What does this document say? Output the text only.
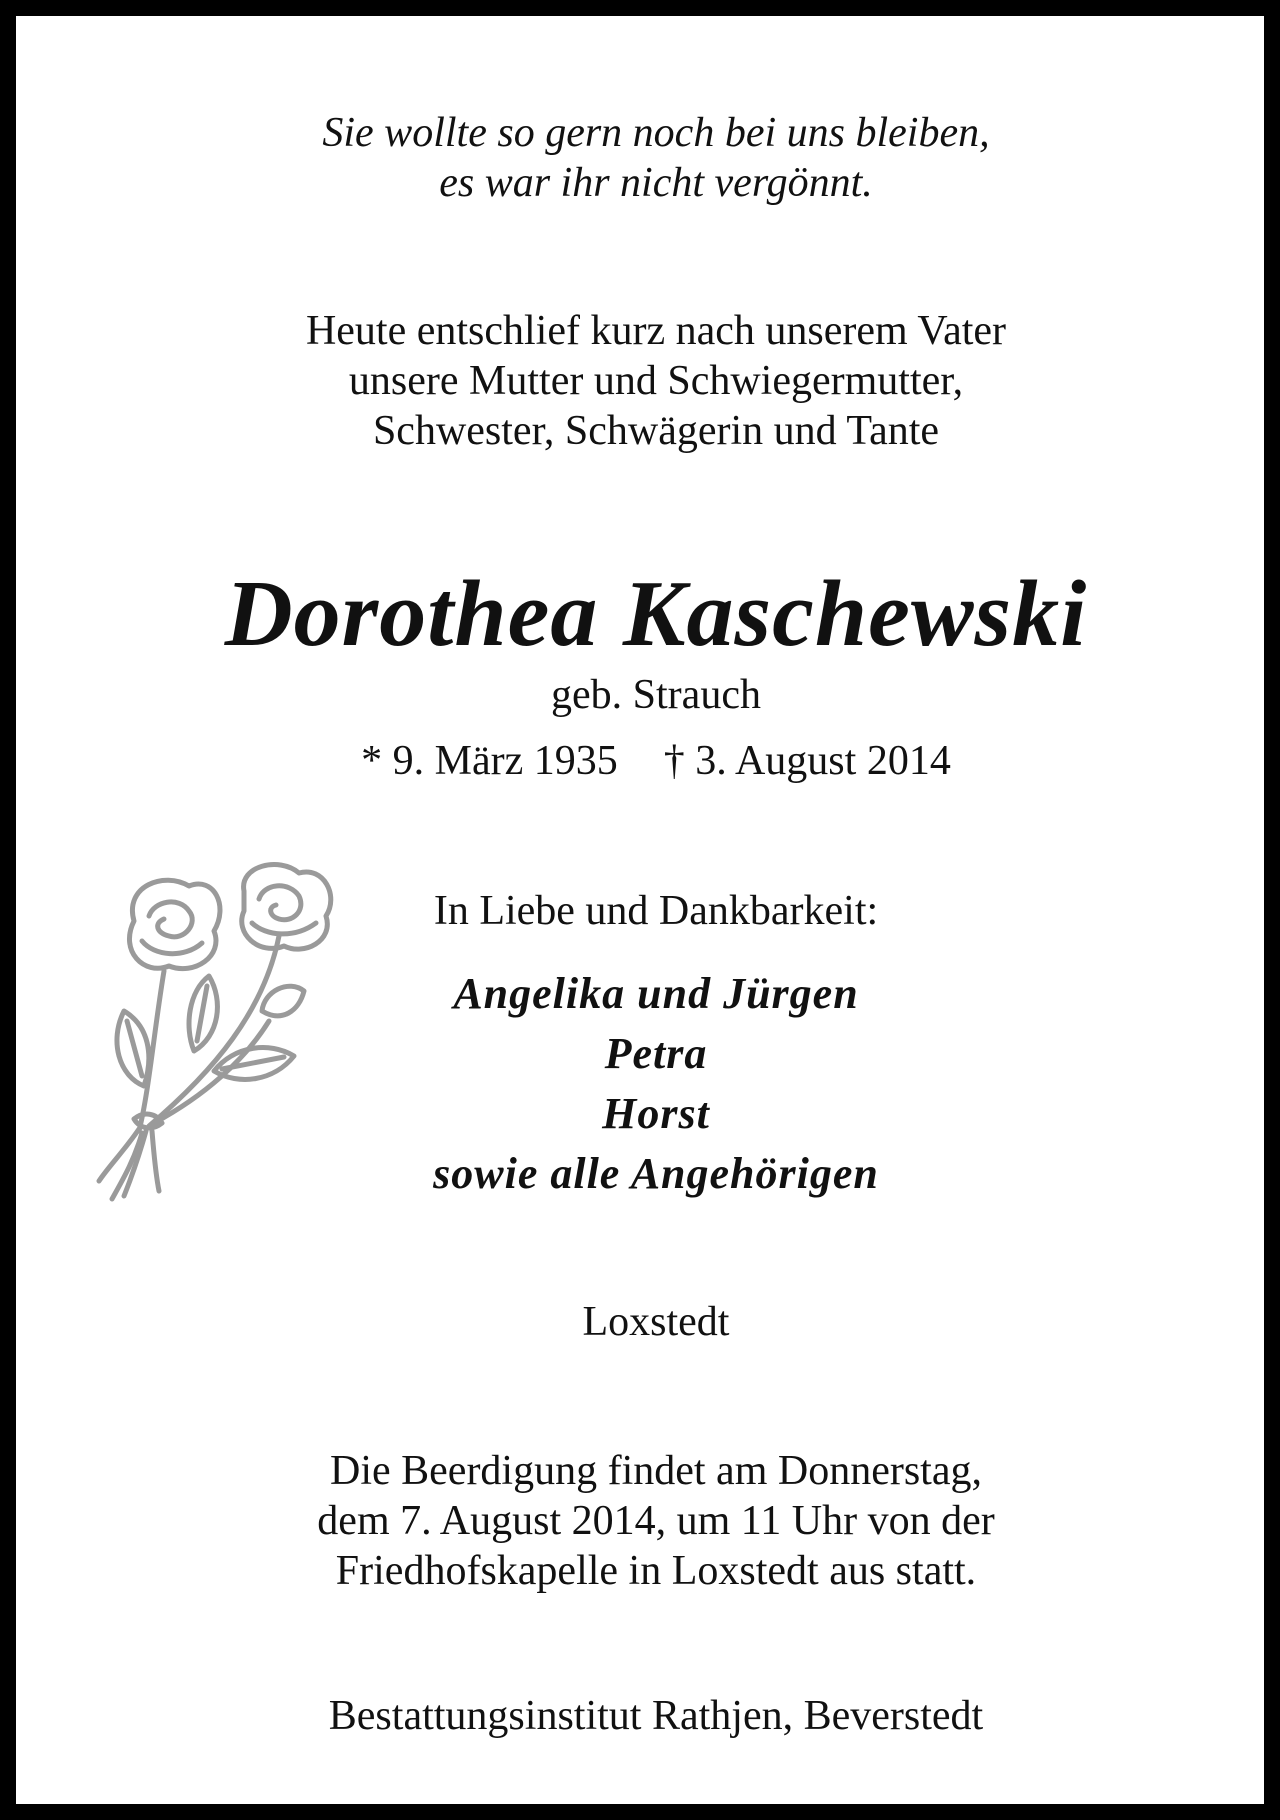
Sie wollte so gern noch bei uns bleiben,
es war ihr nicht vergönnt.
Heute entschlief kurz nach unserem Vater
unsere Mutter und Schwiegermutter,
Schwester, Schwägerin und Tante
Dorothea Kaschewski
geb. Strauch
* 9. März 1935 † 3. August 2014
In Liebe und Dankbarkeit:
Angelika und Jürgen
Petra
Horst
sowie alle Angehörigen
Loxstedt
Die Beerdigung findet am Donnerstag,
dem 7. August 2014, um 11 Uhr von der
Friedhofskapelle in Loxstedt aus statt.
Bestattungsinstitut Rathjen, Beverstedt
